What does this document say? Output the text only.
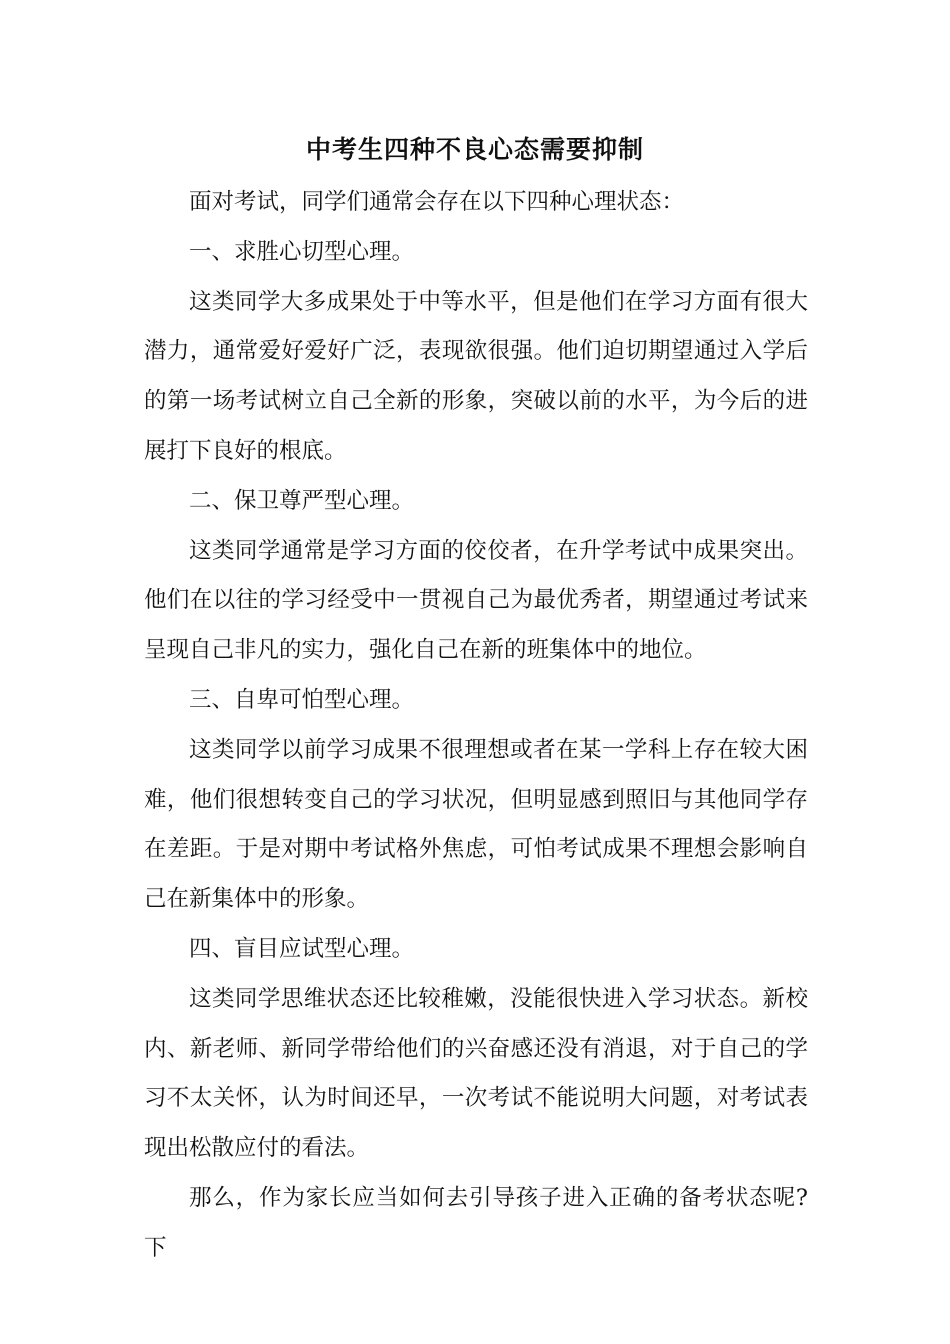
中考生四种不良心态需要抑制

面对考试，同学们通常会存在以下四种心理状态：

一、求胜心切型心理。

这类同学大多成果处于中等水平，但是他们在学习方面有很大潜力，通常爱好爱好广泛，表现欲很强。他们迫切期望通过入学后的第一场考试树立自己全新的形象，突破以前的水平，为今后的进展打下良好的根底。

二、保卫尊严型心理。

这类同学通常是学习方面的佼佼者，在升学考试中成果突出。他们在以往的学习经受中一贯视自己为最优秀者，期望通过考试来呈现自己非凡的实力，强化自己在新的班集体中的地位。

三、自卑可怕型心理。

这类同学以前学习成果不很理想或者在某一学科上存在较大困难，他们很想转变自己的学习状况，但明显感到照旧与其他同学存在差距。于是对期中考试格外焦虑，可怕考试成果不理想会影响自己在新集体中的形象。

四、盲目应试型心理。

这类同学思维状态还比较稚嫩，没能很快进入学习状态。新校内、新老师、新同学带给他们的兴奋感还没有消退，对于自己的学习不太关怀，认为时间还早，一次考试不能说明大问题，对考试表现出松散应付的看法。

那么，作为家长应当如何去引导孩子进入正确的备考状态呢?下
